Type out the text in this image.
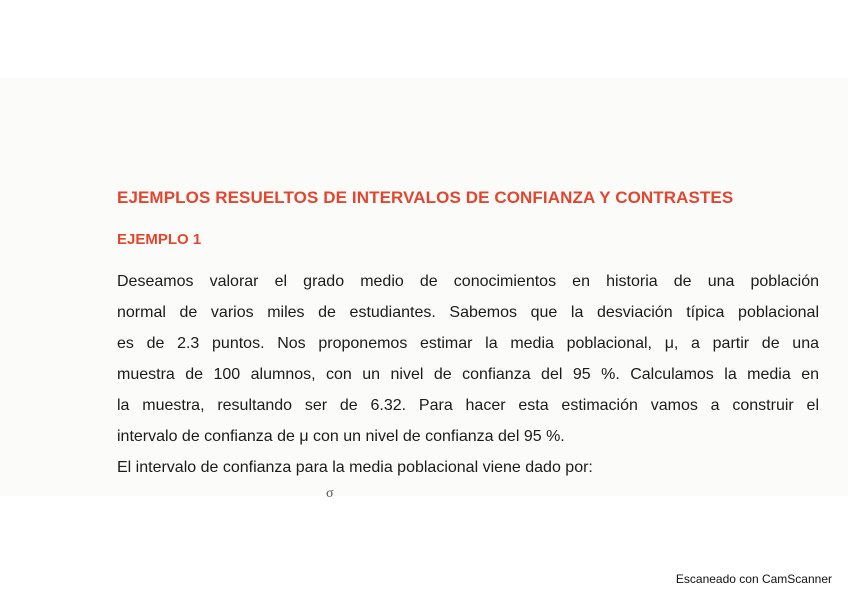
EJEMPLOS RESUELTOS DE INTERVALOS DE CONFIANZA Y CONTRASTES
EJEMPLO 1
Deseamos valorar el grado medio de conocimientos en historia de una población
normal de varios miles de estudiantes. Sabemos que la desviación típica poblacional
es de 2.3 puntos. Nos proponemos estimar la media poblacional, μ, a partir de una
muestra de 100 alumnos, con un nivel de confianza del 95 %. Calculamos la media en
la muestra, resultando ser de 6.32. Para hacer esta estimación vamos a construir el
intervalo de confianza de μ con un nivel de confianza del 95 %.
El intervalo de confianza para la media poblacional viene dado por:
σ
Escaneado con CamScanner
